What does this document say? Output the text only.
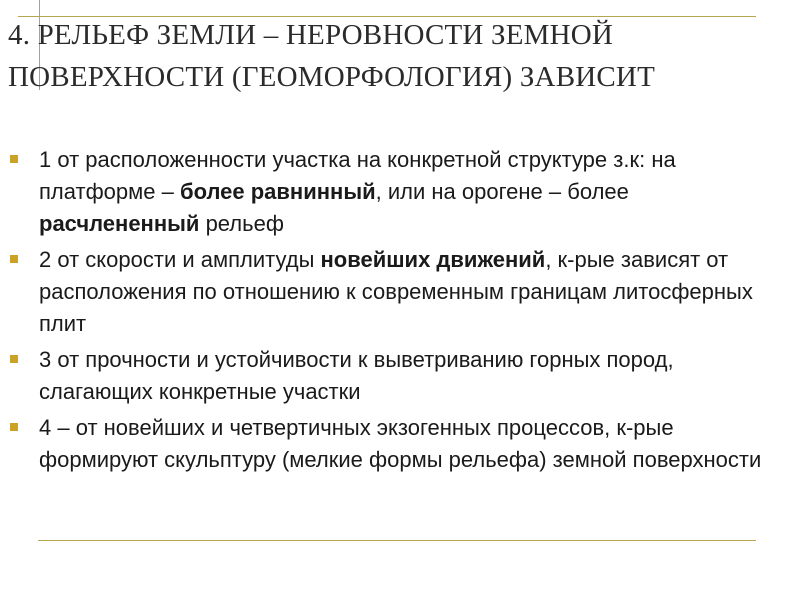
4. РЕЛЬЕФ ЗЕМЛИ – НЕРОВНОСТИ ЗЕМНОЙ ПОВЕРХНОСТИ (ГЕОМОРФОЛОГИЯ) ЗАВИСИТ
1 от расположенности участка на конкретной структуре з.к: на платформе – более равнинный, или на орогене – более расчлененный рельеф
2 от скорости и амплитуды новейших движений, к-рые зависят от расположения по отношению к современным границам литосферных плит
3 от прочности и устойчивости к выветриванию горных пород, слагающих конкретные участки
4 – от новейших и четвертичных экзогенных процессов, к-рые формируют скульптуру (мелкие формы рельефа) земной поверхности
